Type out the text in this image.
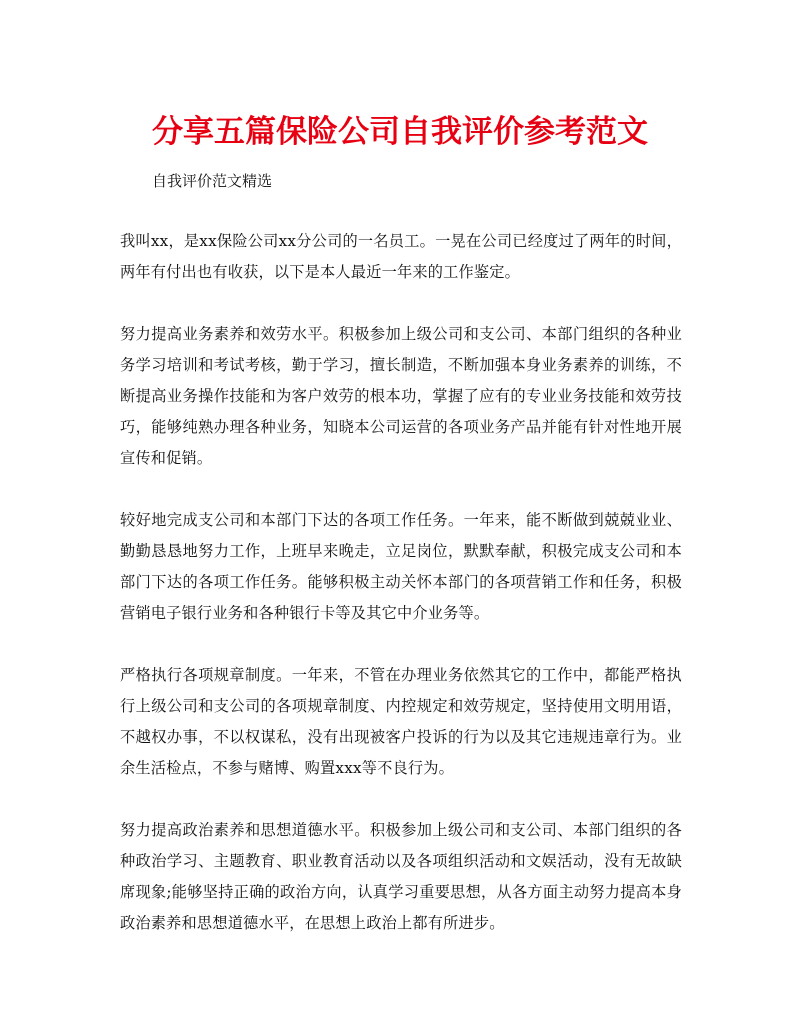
分享五篇保险公司自我评价参考范文

自我评价范文精选

我叫xx，是xx保险公司xx分公司的一名员工。一晃在公司已经度过了两年的时间，两年有付出也有收获，以下是本人最近一年来的工作鉴定。

努力提高业务素养和效劳水平。积极参加上级公司和支公司、本部门组织的各种业务学习培训和考试考核，勤于学习，擅长制造，不断加强本身业务素养的训练，不断提高业务操作技能和为客户效劳的根本功，掌握了应有的专业业务技能和效劳技巧，能够纯熟办理各种业务，知晓本公司运营的各项业务产品并能有针对性地开展宣传和促销。

较好地完成支公司和本部门下达的各项工作任务。一年来，能不断做到兢兢业业、勤勤恳恳地努力工作，上班早来晚走，立足岗位，默默奉献，积极完成支公司和本部门下达的各项工作任务。能够积极主动关怀本部门的各项营销工作和任务，积极营销电子银行业务和各种银行卡等及其它中介业务等。

严格执行各项规章制度。一年来，不管在办理业务依然其它的工作中，都能严格执行上级公司和支公司的各项规章制度、内控规定和效劳规定，坚持使用文明用语，不越权办事，不以权谋私，没有出现被客户投诉的行为以及其它违规违章行为。业余生活检点，不参与赌博、购置xxx等不良行为。

努力提高政治素养和思想道德水平。积极参加上级公司和支公司、本部门组织的各种政治学习、主题教育、职业教育活动以及各项组织活动和文娱活动，没有无故缺席现象;能够坚持正确的政治方向，认真学习重要思想，从各方面主动努力提高本身政治素养和思想道德水平，在思想上政治上都有所进步。
